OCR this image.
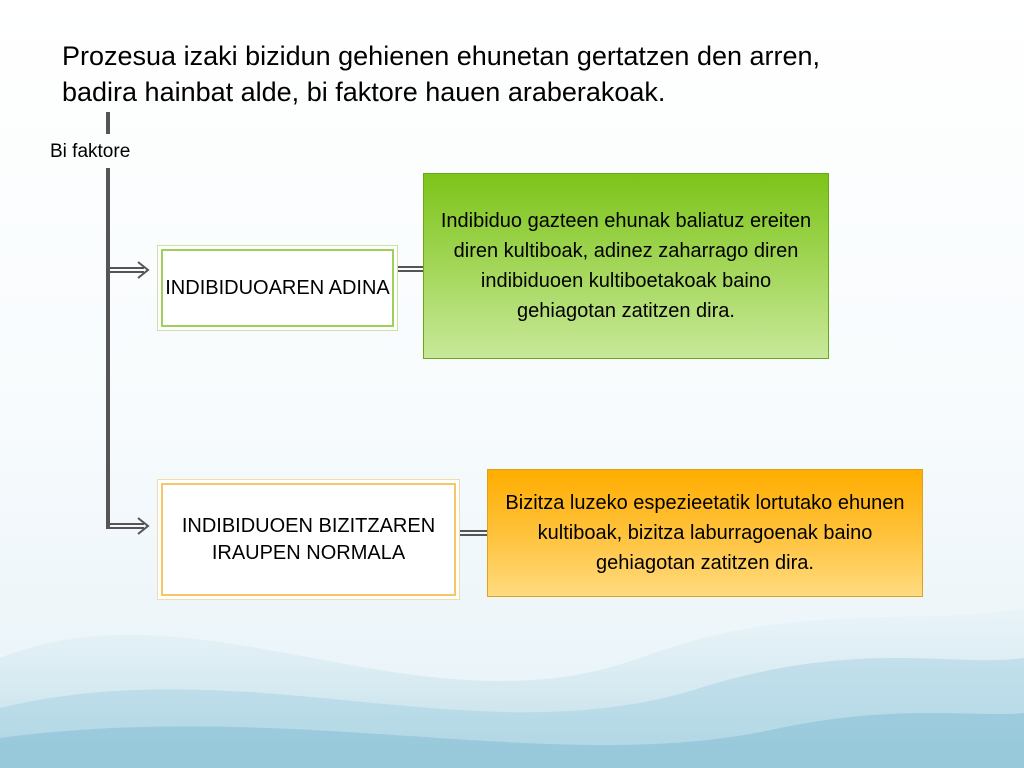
Prozesua izaki bizidun gehienen ehunetan gertatzen den arren,
badira hainbat alde, bi faktore hauen araberakoak.
Bi faktore
INDIBIDUOAREN ADINA
Indibiduo gazteen ehunak baliatuz ereiten diren kultiboak, adinez zaharrago diren indibiduoen kultiboetakoak baino gehiagotan zatitzen dira.
INDIBIDUOEN BIZITZAREN IRAUPEN NORMALA
Bizitza luzeko espezieetatik lortutako ehunen kultiboak, bizitza laburragoenak baino gehiagotan zatitzen dira.
